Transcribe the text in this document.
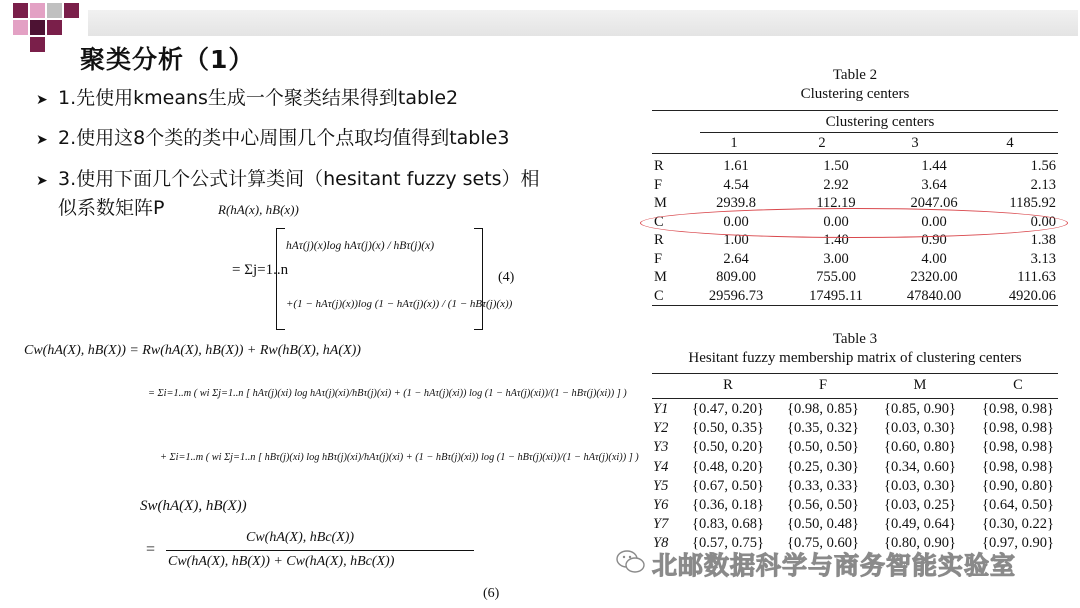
聚类分析（1）
➤ 1.先使用kmeans生成一个聚类结果得到table2
➤ 2.使用这8个类的类中心周围几个点取均值得到table3
➤ 3.使用下面几个公式计算类间（hesitant fuzzy sets）相
似系数矩阵P	R(hA(x), hB(x))
= Σj=1..n
hAτ(j)(x)log hAτ(j)(x) / hBτ(j)(x)
+(1 − hAτ(j)(x))log (1 − hAτ(j)(x)) / (1 − hBτ(j)(x))
(4)
Cw(hA(X), hB(X)) = Rw(hA(X), hB(X)) + Rw(hB(X), hA(X))
= Σi=1..m ( wi Σj=1..n [ hAτ(j)(xi) log hAτ(j)(xi)/hBτ(j)(xi) + (1 − hAτ(j)(xi)) log (1 − hAτ(j)(xi))/(1 − hBτ(j)(xi)) ] )
+ Σi=1..m ( wi Σj=1..n [ hBτ(j)(xi) log hBτ(j)(xi)/hAτ(j)(xi) + (1 − hBτ(j)(xi)) log (1 − hBτ(j)(xi))/(1 − hAτ(j)(xi)) ] )
Sw(hA(X), hB(X))
=
Cw(hA(X), hBc(X))
Cw(hA(X), hB(X)) + Cw(hA(X), hBc(X))
(6)
Table 2
Clustering centers
Clustering centers
1	2	3	4
R	1.61	1.50	1.44	1.56
F	4.54	2.92	3.64	2.13
M	2939.8	112.19	2047.06	1185.92
C	0.00	0.00	0.00	0.00
R	1.00	1.40	0.90	1.38
F	2.64	3.00	4.00	3.13
M	809.00	755.00	2320.00	111.63
C	29596.73	17495.11	47840.00	4920.06
Table 3
Hesitant fuzzy membership matrix of clustering centers
R	F	M	C
Y1	{0.47, 0.20}	{0.98, 0.85}	{0.85, 0.90}	{0.98, 0.98}
Y2	{0.50, 0.35}	{0.35, 0.32}	{0.03, 0.30}	{0.98, 0.98}
Y3	{0.50, 0.20}	{0.50, 0.50}	{0.60, 0.80}	{0.98, 0.98}
Y4	{0.48, 0.20}	{0.25, 0.30}	{0.34, 0.60}	{0.98, 0.98}
Y5	{0.67, 0.50}	{0.33, 0.33}	{0.03, 0.30}	{0.90, 0.80}
Y6	{0.36, 0.18}	{0.56, 0.50}	{0.03, 0.25}	{0.64, 0.50}
Y7	{0.83, 0.68}	{0.50, 0.48}	{0.49, 0.64}	{0.30, 0.22}
Y8	{0.57, 0.75}	{0.75, 0.60}	{0.80, 0.90}	{0.97, 0.90}
北邮数据科学与商务智能实验室
